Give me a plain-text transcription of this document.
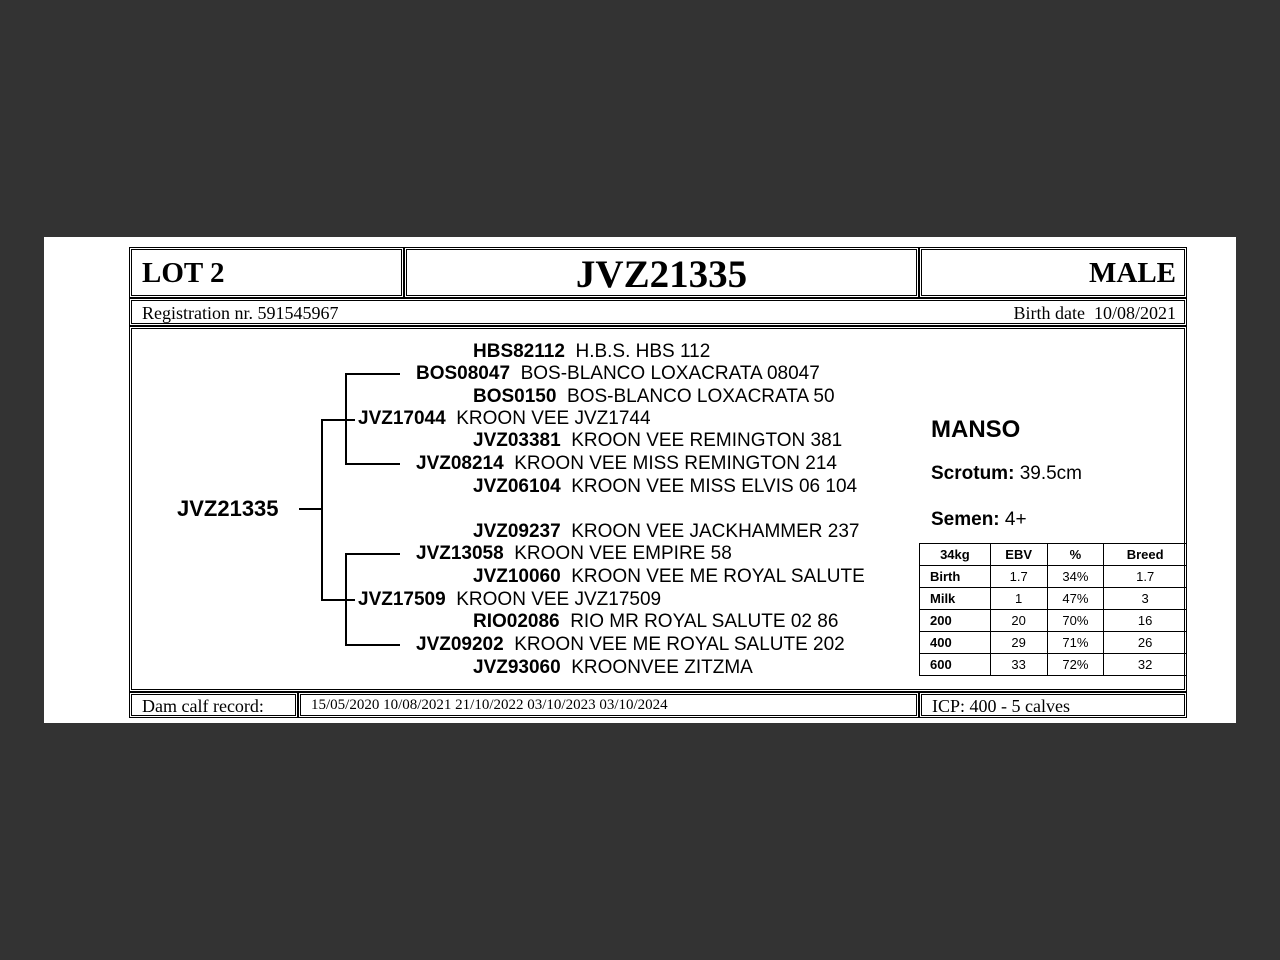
LOT 2	JVZ21335	MALE
Registration nr. 591545967	Birth date 10/08/2021
JVZ21335
HBS82112 H.B.S. HBS 112
BOS08047 BOS-BLANCO LOXACRATA 08047
BOS0150 BOS-BLANCO LOXACRATA 50
JVZ17044 KROON VEE JVZ1744
JVZ03381 KROON VEE REMINGTON 381
JVZ08214 KROON VEE MISS REMINGTON 214
JVZ06104 KROON VEE MISS ELVIS 06 104
JVZ09237 KROON VEE JACKHAMMER 237
JVZ13058 KROON VEE EMPIRE 58
JVZ10060 KROON VEE ME ROYAL SALUTE
JVZ17509 KROON VEE JVZ17509
RIO02086 RIO MR ROYAL SALUTE 02 86
JVZ09202 KROON VEE ME ROYAL SALUTE 202
JVZ93060 KROONVEE ZITZMA
MANSO
Scrotum: 39.5cm
Semen: 4+
34kg	EBV	%	Breed
Birth	1.7	34%	1.7
Milk	1	47%	3
200	20	70%	16
400	29	71%	26
600	33	72%	32
Dam calf record:	15/05/2020 10/08/2021 21/10/2022 03/10/2023 03/10/2024	ICP: 400 - 5 calves
